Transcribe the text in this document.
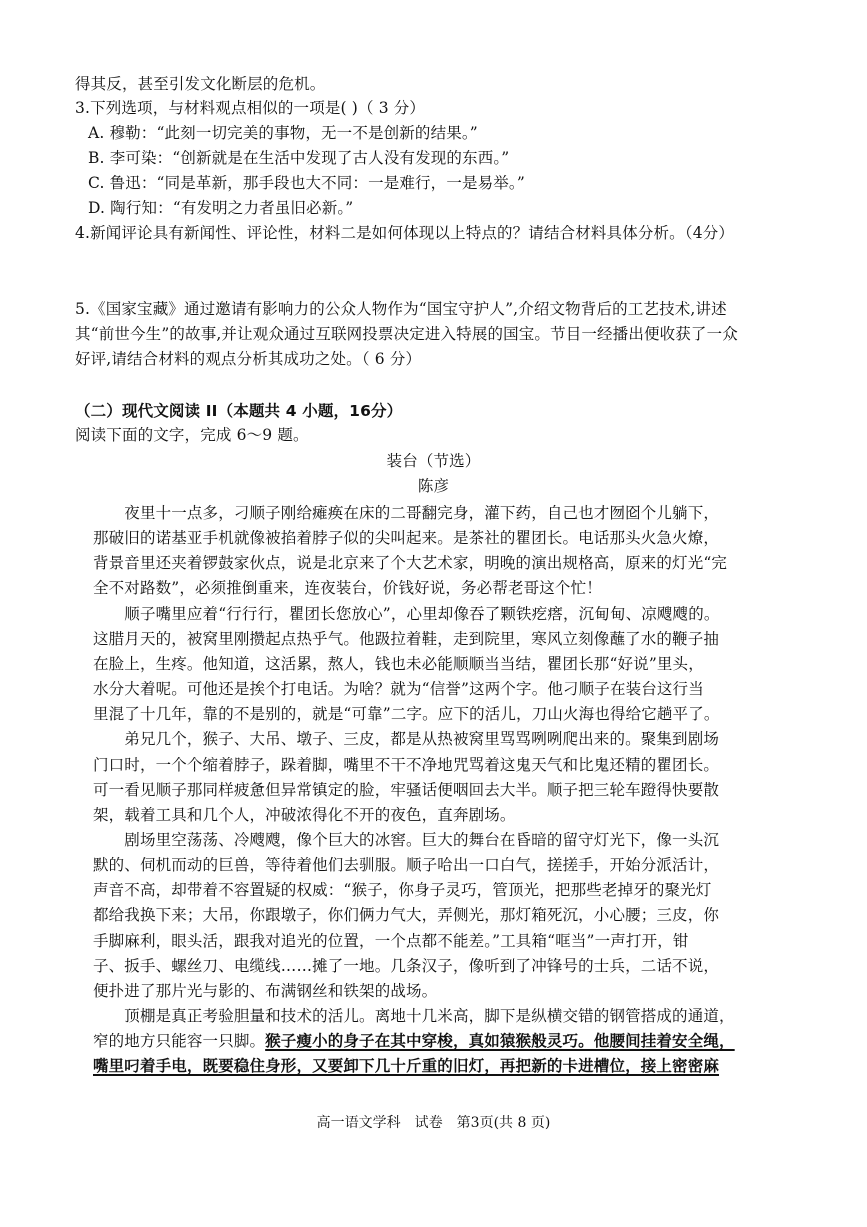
得其反，甚至引发文化断层的危机。
3.下列选项，与材料观点相似的一项是( )（ 3 分）
A. 穆勒：“此刻一切完美的事物，无一不是创新的结果。”
B. 李可染：“创新就是在生活中发现了古人没有发现的东西。”
C. 鲁迅：“同是革新，那手段也大不同：一是难行，一是易举。”
D. 陶行知：“有发明之力者虽旧必新。”
4.新闻评论具有新闻性、评论性，材料二是如何体现以上特点的？请结合材料具体分析。（4分）
5.《国家宝藏》通过邀请有影响力的公众人物作为“国宝守护人”,介绍文物背后的工艺技术,讲述
其“前世今生”的故事,并让观众通过互联网投票决定进入特展的国宝。节目一经播出便收获了一众
好评,请结合材料的观点分析其成功之处。（ 6 分）
（二）现代文阅读 II（本题共 4 小题，16分）
阅读下面的文字，完成 6～9 题。
装台（节选）
陈彦
　　夜里十一点多，刁顺子刚给瘫痪在床的二哥翻完身，灌下药，自己也才囫囵个儿躺下，
那破旧的诺基亚手机就像被掐着脖子似的尖叫起来。是茶社的瞿团长。电话那头火急火燎，
背景音里还夹着锣鼓家伙点，说是北京来了个大艺术家，明晚的演出规格高，原来的灯光“完
全不对路数”，必须推倒重来，连夜装台，价钱好说，务必帮老哥这个忙！
　　顺子嘴里应着“行行行，瞿团长您放心”，心里却像吞了颗铁疙瘩，沉甸甸、凉飕飕的。
这腊月天的，被窝里刚攒起点热乎气。他趿拉着鞋，走到院里，寒风立刻像蘸了水的鞭子抽
在脸上，生疼。他知道，这活累，熬人，钱也未必能顺顺当当结，瞿团长那“好说”里头，
水分大着呢。可他还是挨个打电话。为啥？就为“信誉”这两个字。他刁顺子在装台这行当
里混了十几年，靠的不是别的，就是“可靠”二字。应下的活儿，刀山火海也得给它趟平了。
　　弟兄几个，猴子、大吊、墩子、三皮，都是从热被窝里骂骂咧咧爬出来的。聚集到剧场
门口时，一个个缩着脖子，跺着脚，嘴里不干不净地咒骂着这鬼天气和比鬼还精的瞿团长。
可一看见顺子那同样疲惫但异常镇定的脸，牢骚话便咽回去大半。顺子把三轮车蹬得快要散
架，载着工具和几个人，冲破浓得化不开的夜色，直奔剧场。
　　剧场里空荡荡、冷飕飕，像个巨大的冰窖。巨大的舞台在昏暗的留守灯光下，像一头沉
默的、伺机而动的巨兽，等待着他们去驯服。顺子哈出一口白气，搓搓手，开始分派活计，
声音不高，却带着不容置疑的权威：“猴子，你身子灵巧，管顶光，把那些老掉牙的聚光灯
都给我换下来；大吊，你跟墩子，你们俩力气大，弄侧光，那灯箱死沉，小心腰；三皮，你
手脚麻利，眼头活，跟我对追光的位置，一个点都不能差。”工具箱“哐当”一声打开，钳
子、扳手、螺丝刀、电缆线……摊了一地。几条汉子，像听到了冲锋号的士兵，二话不说，
便扑进了那片光与影的、布满钢丝和铁架的战场。
　　顶棚是真正考验胆量和技术的活儿。离地十几米高，脚下是纵横交错的钢管搭成的通道，
窄的地方只能容一只脚。猴子瘦小的身子在其中穿梭，真如猿猴般灵巧。他腰间挂着安全绳，
嘴里叼着手电，既要稳住身形，又要卸下几十斤重的旧灯，再把新的卡进槽位，接上密密麻
高一语文学科　试卷　第3页(共 8 页)
